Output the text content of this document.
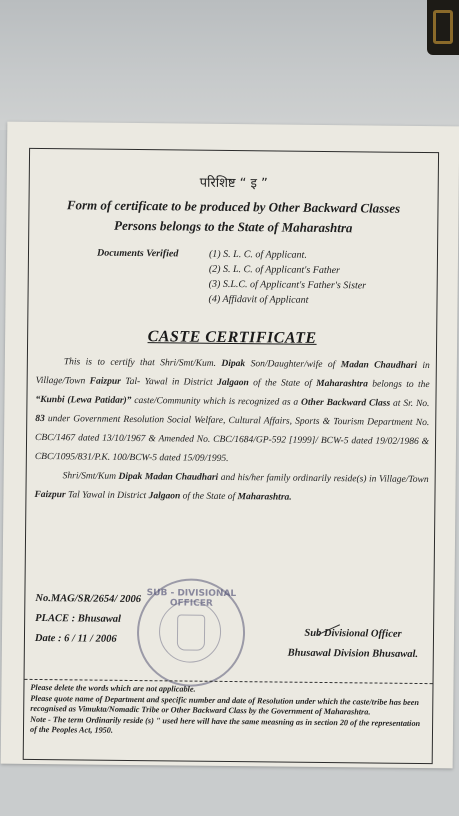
परिशिष्ट “ इ ”
Form of certificate to be produced by Other Backward Classes
Persons belongs to the State of Maharashtra
Documents Verified	(1) S. L. C. of Applicant.
(2) S. L. C. of Applicant's Father
(3) S.L.C. of Applicant's Father's Sister
(4) Affidavit of Applicant
CASTE CERTIFICATE
This is to certify that Shri/Smt/Kum. Dipak Son/Daughter/wife of Madan Chaudhari in Village/Town Faizpur Tal- Yawal in District Jalgaon of the State of Maharashtra belongs to the “Kunbi (Lewa Patidar)” caste/Community which is recognized as a Other Backward Class at Sr. No. 83 under Government Resolution Social Welfare, Cultural Affairs, Sports & Tourism Department No. CBC/1467 dated 13/10/1967 & Amended No. CBC/1684/GP-592 [1999]/ BCW-5 dated 19/02/1986 & CBC/1095/831/P.K. 100/BCW-5 dated 15/09/1995.
Shri/Smt/Kum Dipak Madan Chaudhari and his/her family ordinarily reside(s) in Village/Town Faizpur Tal Yawal in District Jalgaon of the State of Maharashtra.
No.MAG/SR/2654/ 2006
PLACE : Bhusawal
Date : 6 / 11 / 2006
SUB - DIVISIONAL OFFICER
Sub Divisional Officer
Bhusawal Division Bhusawal.
Please delete the words which are not applicable.
Please quote name of Department and specific number and date of Resolution under which the caste/tribe has been recognised as Vimukta/Nomadic Tribe or Other Backward Class by the Government of Maharashtra.
Note - The term Ordinarily reside (s) " used here will have the same measning as in section 20 of the representation of the Peoples Act, 1950.
